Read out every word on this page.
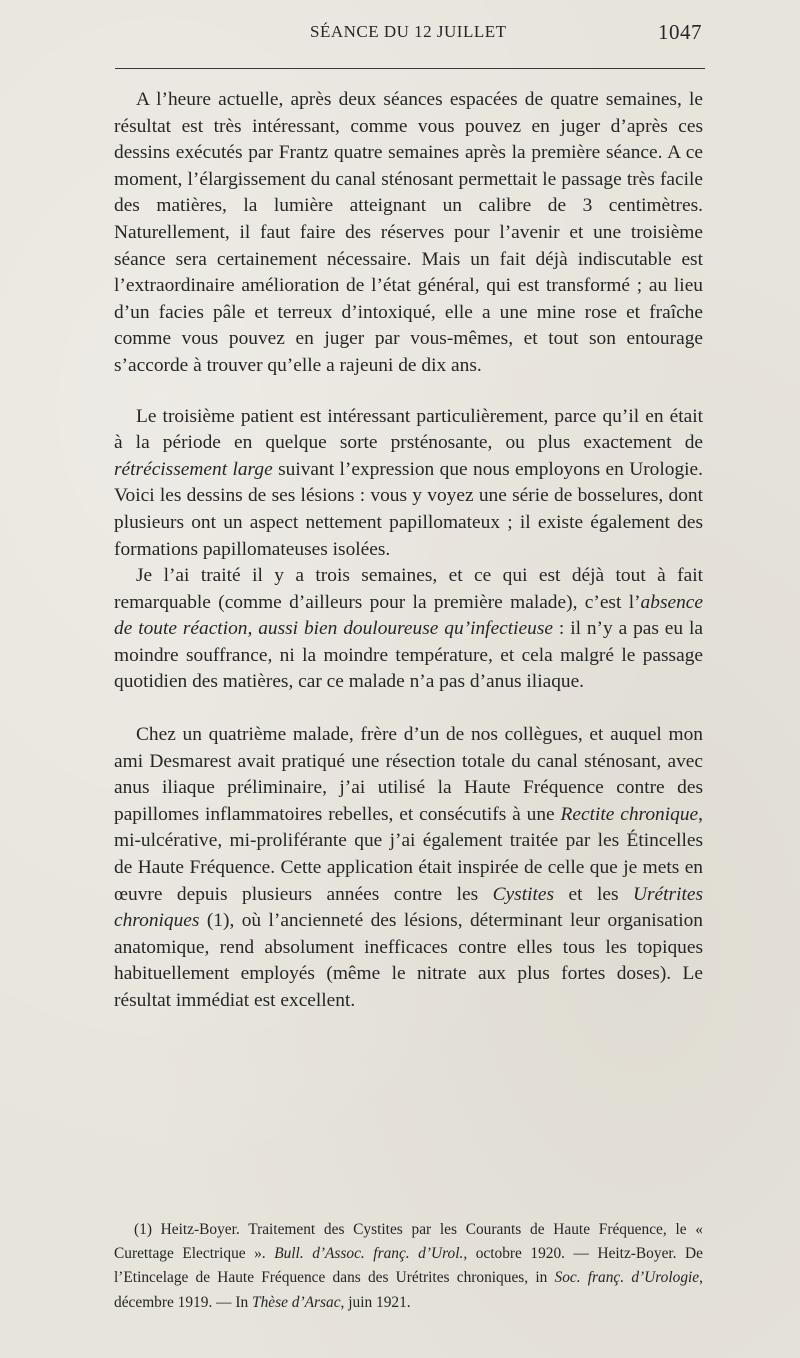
SÉANCE DU 12 JUILLET	1047

A l’heure actuelle, après deux séances espacées de quatre semaines, le résultat est très intéressant, comme vous pouvez en juger d’après ces dessins exécutés par Frantz quatre semaines après la première séance. A ce moment, l’élargissement du canal sténosant permettait le passage très facile des matières, la lumière atteignant un calibre de 3 centimètres. Naturellement, il faut faire des réserves pour l’avenir et une troisième séance sera certainement nécessaire. Mais un fait déjà indiscutable est l’extraordinaire amélioration de l’état général, qui est transformé ; au lieu d’un facies pâle et terreux d’intoxiqué, elle a une mine rose et fraîche comme vous pouvez en juger par vous-mêmes, et tout son entourage s’accorde à trouver qu’elle a rajeuni de dix ans.

Le troisième patient est intéressant particulièrement, parce qu’il en était à la période en quelque sorte prsténosante, ou plus exactement de rétrécissement large suivant l’expression que nous employons en Urologie. Voici les dessins de ses lésions : vous y voyez une série de bosselures, dont plusieurs ont un aspect nettement papillomateux ; il existe également des formations papillomateuses isolées.

Je l’ai traité il y a trois semaines, et ce qui est déjà tout à fait remarquable (comme d’ailleurs pour la première malade), c’est l’absence de toute réaction, aussi bien douloureuse qu’infectieuse : il n’y a pas eu la moindre souffrance, ni la moindre température, et cela malgré le passage quotidien des matières, car ce malade n’a pas d’anus iliaque.

Chez un quatrième malade, frère d’un de nos collègues, et auquel mon ami Desmarest avait pratiqué une résection totale du canal sténosant, avec anus iliaque préliminaire, j’ai utilisé la Haute Fréquence contre des papillomes inflammatoires rebelles, et consécutifs à une Rectite chronique, mi-ulcérative, mi-proliférante que j’ai également traitée par les Étincelles de Haute Fréquence. Cette application était inspirée de celle que je mets en œuvre depuis plusieurs années contre les Cystites et les Urétrites chroniques (1), où l’ancienneté des lésions, déterminant leur organisation anatomique, rend absolument inefficaces contre elles tous les topiques habituellement employés (même le nitrate aux plus fortes doses). Le résultat immédiat est excellent.

(1) Heitz-Boyer. Traitement des Cystites par les Courants de Haute Fréquence, le « Curettage Electrique ». Bull. d’Assoc. franç. d’Urol., octobre 1920. — Heitz-Boyer. De l’Etincelage de Haute Fréquence dans des Urétrites chroniques, in Soc. franç. d’Urologie, décembre 1919. — In Thèse d’Arsac, juin 1921.
